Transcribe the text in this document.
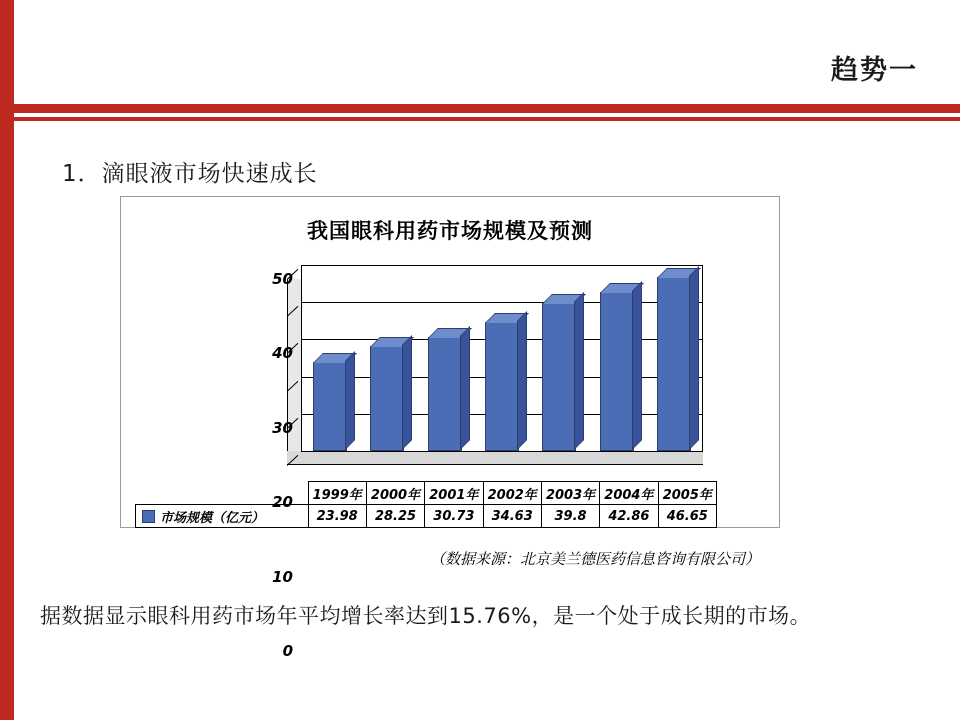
趋势一
1．滴眼液市场快速成长
我国眼科用药市场规模及预测
0
10
20
30
40
50
	1999年	2000年	2001年	2002年	2003年	2004年	2005年
市场规模（亿元）	23.98	28.25	30.73	34.63	39.8	42.86	46.65
（数据来源：北京美兰德医药信息咨询有限公司）
据数据显示眼科用药市场年平均增长率达到15.76%，是一个处于成长期的市场。
